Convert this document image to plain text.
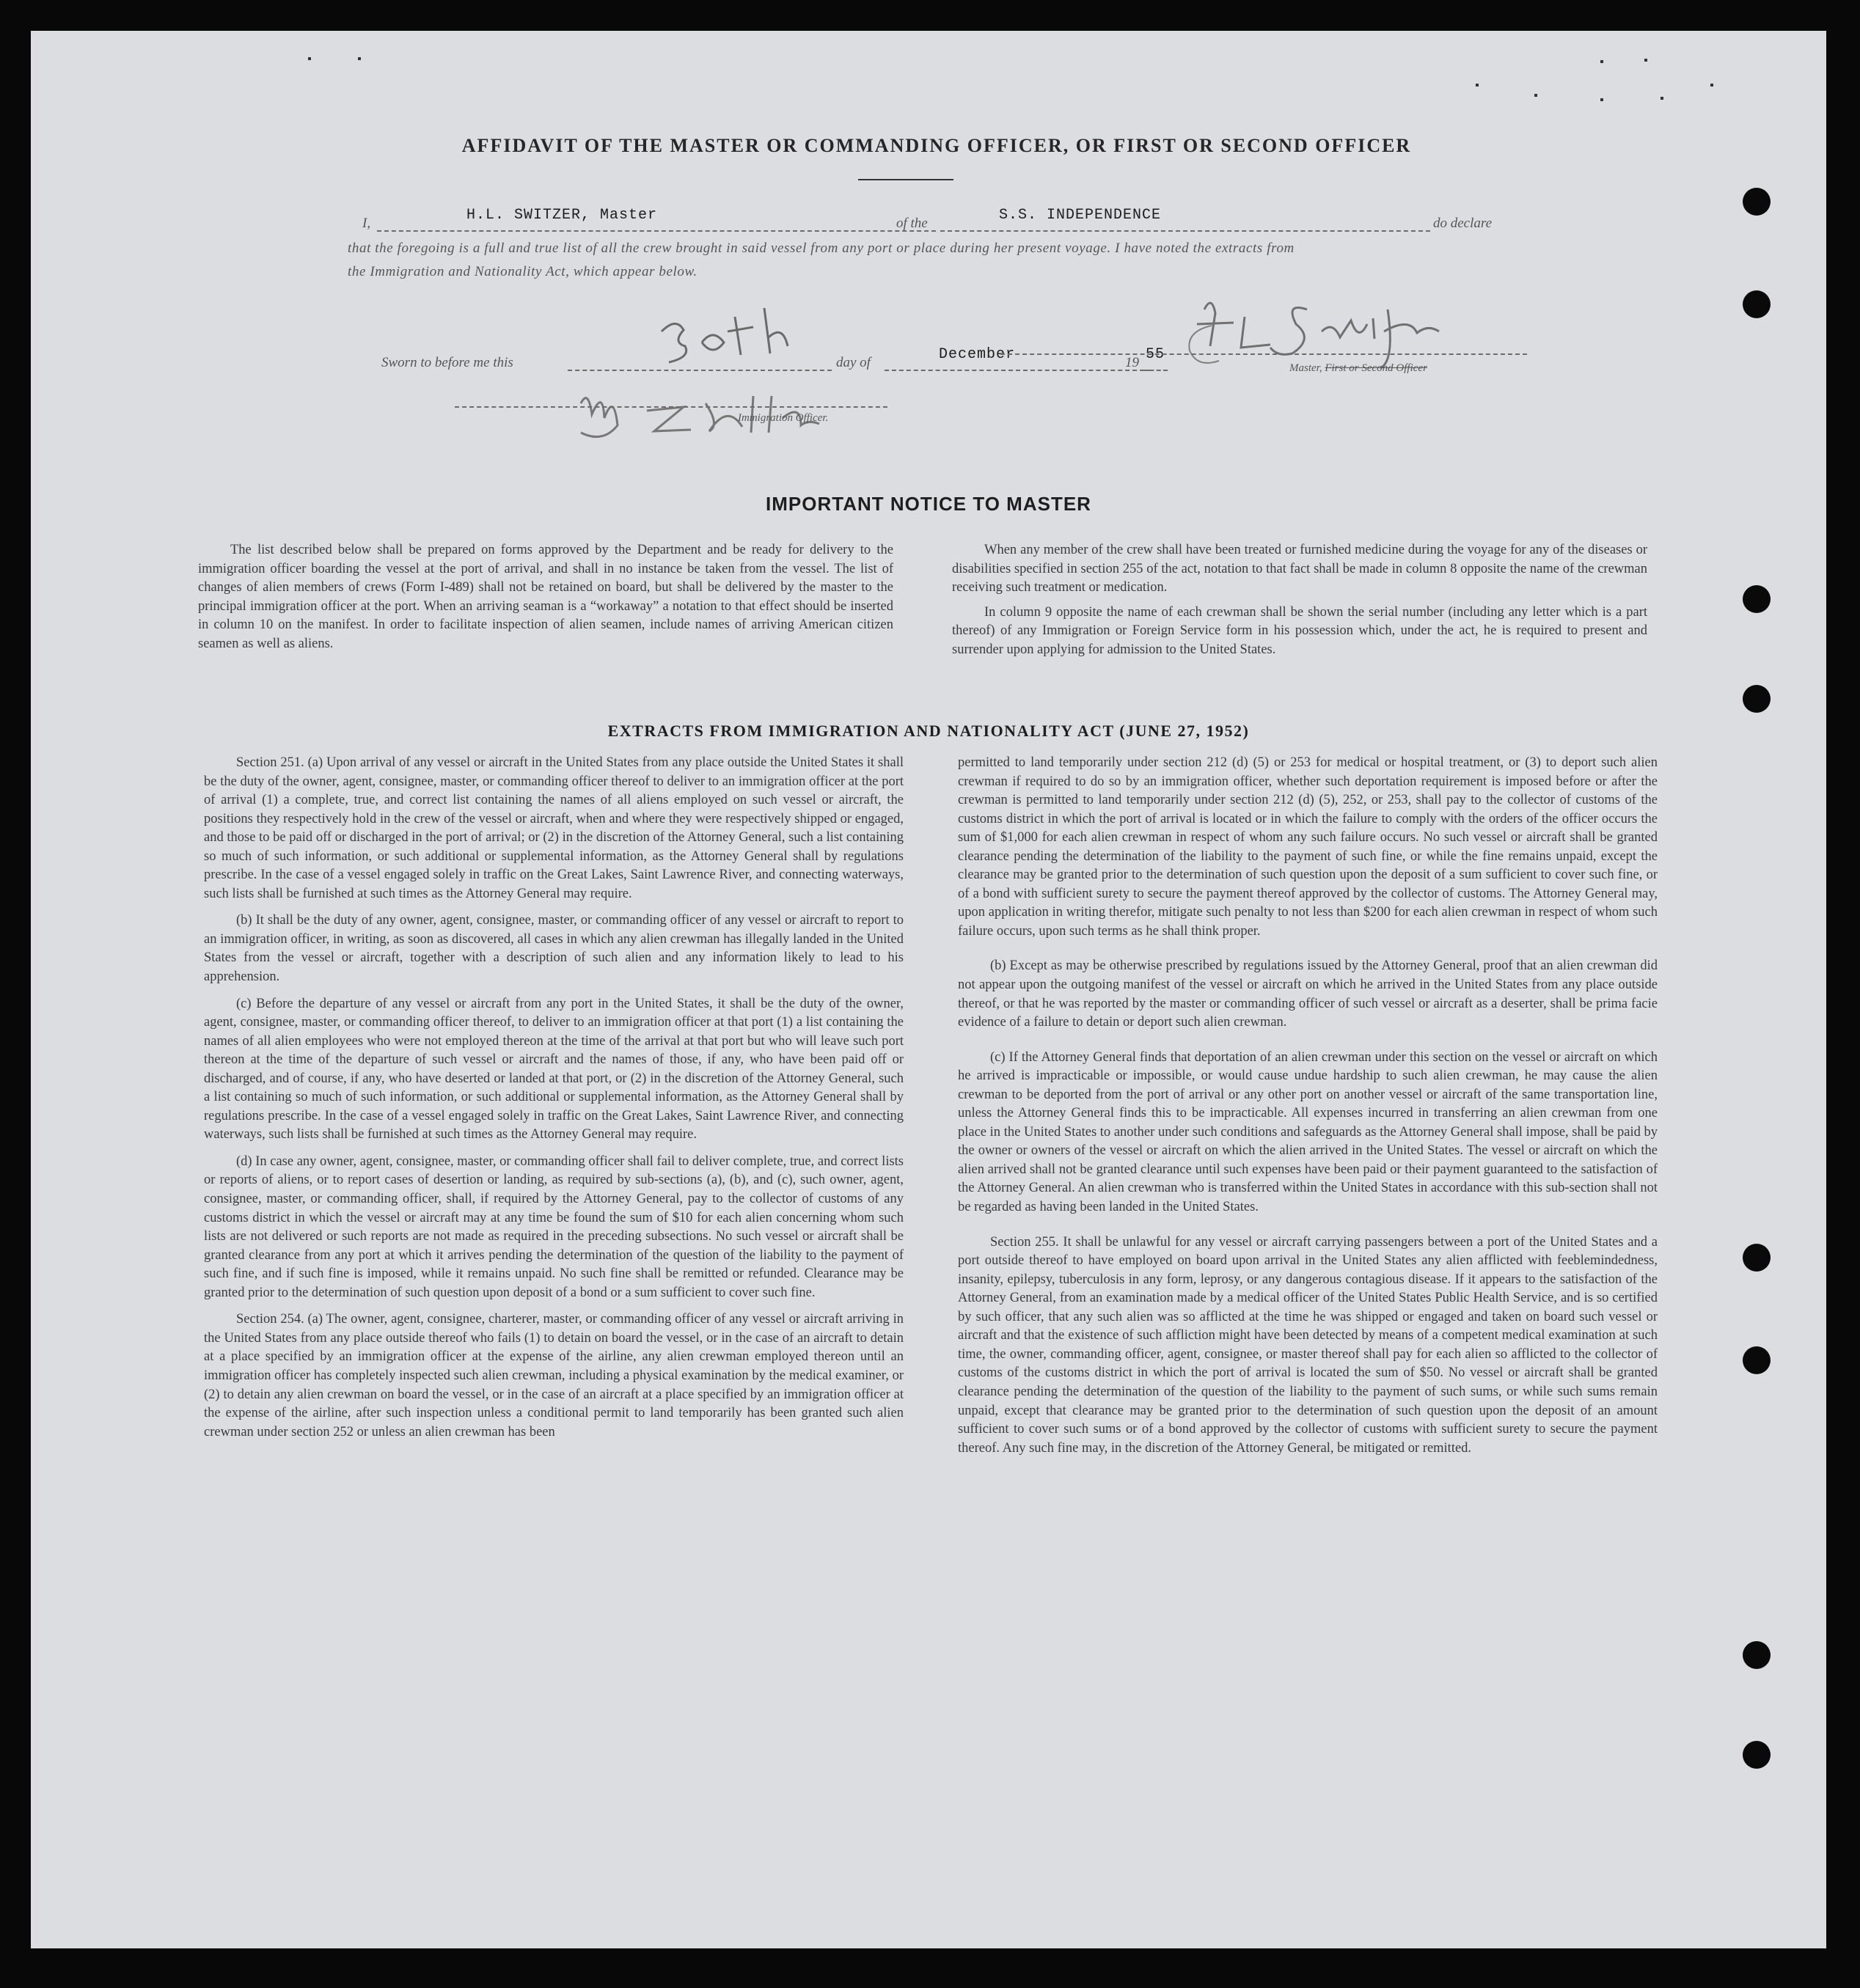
AFFIDAVIT OF THE MASTER OR COMMANDING OFFICER, OR FIRST OR SECOND OFFICER
I,	H.L. SWITZER, Master	of the	S.S. INDEPENDENCE	do declare
that the foregoing is a full and true list of all the crew brought in said vessel from any port or place during her present voyage. I have noted the extracts from
the Immigration and Nationality Act, which appear below.
Sworn to before me this	day of	December	19 55
Master, First or Second Officer
Immigration Officer.
IMPORTANT NOTICE TO MASTER

The list described below shall be prepared on forms approved by the Department and be ready for delivery to the immigration officer boarding the vessel at the port of arrival, and shall in no instance be taken from the vessel. The list of changes of alien members of crews (Form I-489) shall not be retained on board, but shall be delivered by the master to the principal immigration officer at the port. When an arriving seaman is a “workaway” a notation to that effect should be inserted in column 10 on the manifest. In order to facilitate inspection of alien seamen, include names of arriving American citizen seamen as well as aliens.

When any member of the crew shall have been treated or furnished medicine during the voyage for any of the diseases or disabilities specified in section 255 of the act, notation to that fact shall be made in column 8 opposite the name of the crewman receiving such treatment or medication.

In column 9 opposite the name of each crewman shall be shown the serial number (including any letter which is a part thereof) of any Immigration or Foreign Service form in his possession which, under the act, he is required to present and surrender upon applying for admission to the United States.

EXTRACTS FROM IMMIGRATION AND NATIONALITY ACT (JUNE 27, 1952)

Section 251. (a) Upon arrival of any vessel or aircraft in the United States from any place outside the United States it shall be the duty of the owner, agent, consignee, master, or commanding officer thereof to deliver to an immigration officer at the port of arrival (1) a complete, true, and correct list containing the names of all aliens employed on such vessel or aircraft, the positions they respectively hold in the crew of the vessel or aircraft, when and where they were respectively shipped or engaged, and those to be paid off or discharged in the port of arrival; or (2) in the discretion of the Attorney General, such a list containing so much of such information, or such additional or supplemental information, as the Attorney General shall by regulations prescribe. In the case of a vessel engaged solely in traffic on the Great Lakes, Saint Lawrence River, and connecting waterways, such lists shall be furnished at such times as the Attorney General may require.

(b) It shall be the duty of any owner, agent, consignee, master, or commanding officer of any vessel or aircraft to report to an immigration officer, in writing, as soon as discovered, all cases in which any alien crewman has illegally landed in the United States from the vessel or aircraft, together with a description of such alien and any information likely to lead to his apprehension.

(c) Before the departure of any vessel or aircraft from any port in the United States, it shall be the duty of the owner, agent, consignee, master, or commanding officer thereof, to deliver to an immigration officer at that port (1) a list containing the names of all alien employees who were not employed thereon at the time of the arrival at that port but who will leave such port thereon at the time of the departure of such vessel or aircraft and the names of those, if any, who have been paid off or discharged, and of course, if any, who have deserted or landed at that port, or (2) in the discretion of the Attorney General, such a list containing so much of such information, or such additional or supplemental information, as the Attorney General shall by regulations prescribe. In the case of a vessel engaged solely in traffic on the Great Lakes, Saint Lawrence River, and connecting waterways, such lists shall be furnished at such times as the Attorney General may require.

(d) In case any owner, agent, consignee, master, or commanding officer shall fail to deliver complete, true, and correct lists or reports of aliens, or to report cases of desertion or landing, as required by sub-sections (a), (b), and (c), such owner, agent, consignee, master, or commanding officer, shall, if required by the Attorney General, pay to the collector of customs of any customs district in which the vessel or aircraft may at any time be found the sum of $10 for each alien concerning whom such lists are not delivered or such reports are not made as required in the preceding subsections. No such vessel or aircraft shall be granted clearance from any port at which it arrives pending the determination of the question of the liability to the payment of such fine, and if such fine is imposed, while it remains unpaid. No such fine shall be remitted or refunded. Clearance may be granted prior to the determination of such question upon deposit of a bond or a sum sufficient to cover such fine.

Section 254. (a) The owner, agent, consignee, charterer, master, or commanding officer of any vessel or aircraft arriving in the United States from any place outside thereof who fails (1) to detain on board the vessel, or in the case of an aircraft to detain at a place specified by an immigration officer at the expense of the airline, any alien crewman employed thereon until an immigration officer has completely inspected such alien crewman, including a physical examination by the medical examiner, or (2) to detain any alien crewman on board the vessel, or in the case of an aircraft at a place specified by an immigration officer at the expense of the airline, after such inspection unless a conditional permit to land temporarily has been granted such alien crewman under section 252 or unless an alien crewman has been

permitted to land temporarily under section 212 (d) (5) or 253 for medical or hospital treatment, or (3) to deport such alien crewman if required to do so by an immigration officer, whether such deportation requirement is imposed before or after the crewman is permitted to land temporarily under section 212 (d) (5), 252, or 253, shall pay to the collector of customs of the customs district in which the port of arrival is located or in which the failure to comply with the orders of the officer occurs the sum of $1,000 for each alien crewman in respect of whom any such failure occurs. No such vessel or aircraft shall be granted clearance pending the determination of the liability to the payment of such fine, or while the fine remains unpaid, except the clearance may be granted prior to the determination of such question upon the deposit of a sum sufficient to cover such fine, or of a bond with sufficient surety to secure the payment thereof approved by the collector of customs. The Attorney General may, upon application in writing therefor, mitigate such penalty to not less than $200 for each alien crewman in respect of whom such failure occurs, upon such terms as he shall think proper.

(b) Except as may be otherwise prescribed by regulations issued by the Attorney General, proof that an alien crewman did not appear upon the outgoing manifest of the vessel or aircraft on which he arrived in the United States from any place outside thereof, or that he was reported by the master or commanding officer of such vessel or aircraft as a deserter, shall be prima facie evidence of a failure to detain or deport such alien crewman.

(c) If the Attorney General finds that deportation of an alien crewman under this section on the vessel or aircraft on which he arrived is impracticable or impossible, or would cause undue hardship to such alien crewman, he may cause the alien crewman to be deported from the port of arrival or any other port on another vessel or aircraft of the same transportation line, unless the Attorney General finds this to be impracticable. All expenses incurred in transferring an alien crewman from one place in the United States to another under such conditions and safeguards as the Attorney General shall impose, shall be paid by the owner or owners of the vessel or aircraft on which the alien arrived in the United States. The vessel or aircraft on which the alien arrived shall not be granted clearance until such expenses have been paid or their payment guaranteed to the satisfaction of the Attorney General. An alien crewman who is transferred within the United States in accordance with this sub-section shall not be regarded as having been landed in the United States.

Section 255. It shall be unlawful for any vessel or aircraft carrying passengers between a port of the United States and a port outside thereof to have employed on board upon arrival in the United States any alien afflicted with feeblemindedness, insanity, epilepsy, tuberculosis in any form, leprosy, or any dangerous contagious disease. If it appears to the satisfaction of the Attorney General, from an examination made by a medical officer of the United States Public Health Service, and is so certified by such officer, that any such alien was so afflicted at the time he was shipped or engaged and taken on board such vessel or aircraft and that the existence of such affliction might have been detected by means of a competent medical examination at such time, the owner, commanding officer, agent, consignee, or master thereof shall pay for each alien so afflicted to the collector of customs of the customs district in which the port of arrival is located the sum of $50. No vessel or aircraft shall be granted clearance pending the determination of the question of the liability to the payment of such sums, or while such sums remain unpaid, except that clearance may be granted prior to the determination of such question upon the deposit of an amount sufficient to cover such sums or of a bond approved by the collector of customs with sufficient surety to secure the payment thereof. Any such fine may, in the discretion of the Attorney General, be mitigated or remitted.
